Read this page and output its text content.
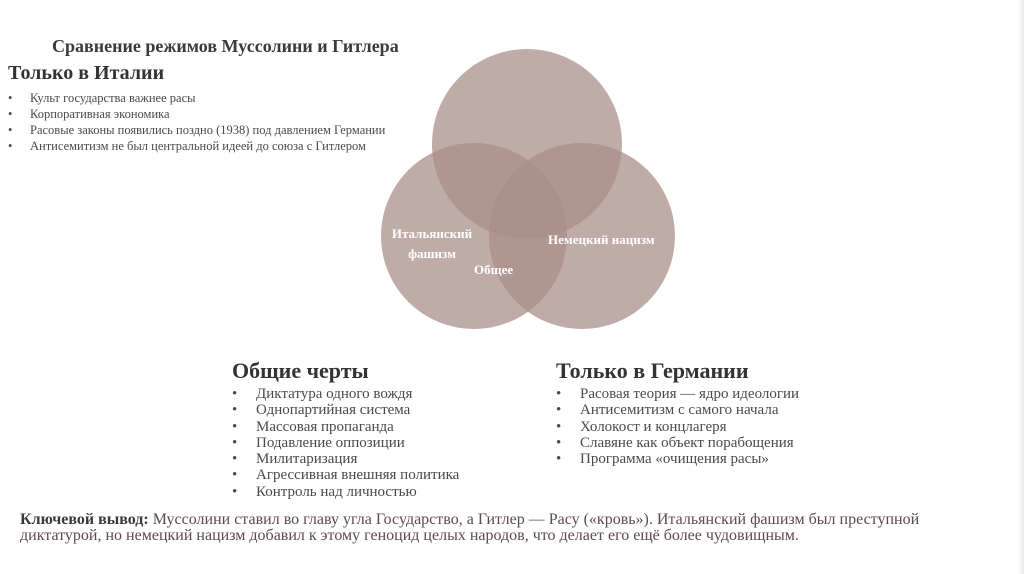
Сравнение режимов Муссолини и Гитлера
Только в Италии
• Культ государства важнее расы
• Корпоративная экономика
• Расовые законы появились поздно (1938) под давлением Германии
• Антисемитизм не был центральной идеей до союза с Гитлером
Итальянский
фашизм
Немецкий нацизм
Общее
Общие черты
• Диктатура одного вождя
• Однопартийная система
• Массовая пропаганда
• Подавление оппозиции
• Милитаризация
• Агрессивная внешняя политика
• Контроль над личностью
Только в Германии
• Расовая теория — ядро идеологии
• Антисемитизм с самого начала
• Холокост и концлагеря
• Славяне как объект порабощения
• Программа «очищения расы»
Ключевой вывод: Муссолини ставил во главу угла Государство, а Гитлер — Расу («кровь»). Итальянский фашизм был преступной диктатурой, но немецкий нацизм добавил к этому геноцид целых народов, что делает его ещё более чудовищным.
